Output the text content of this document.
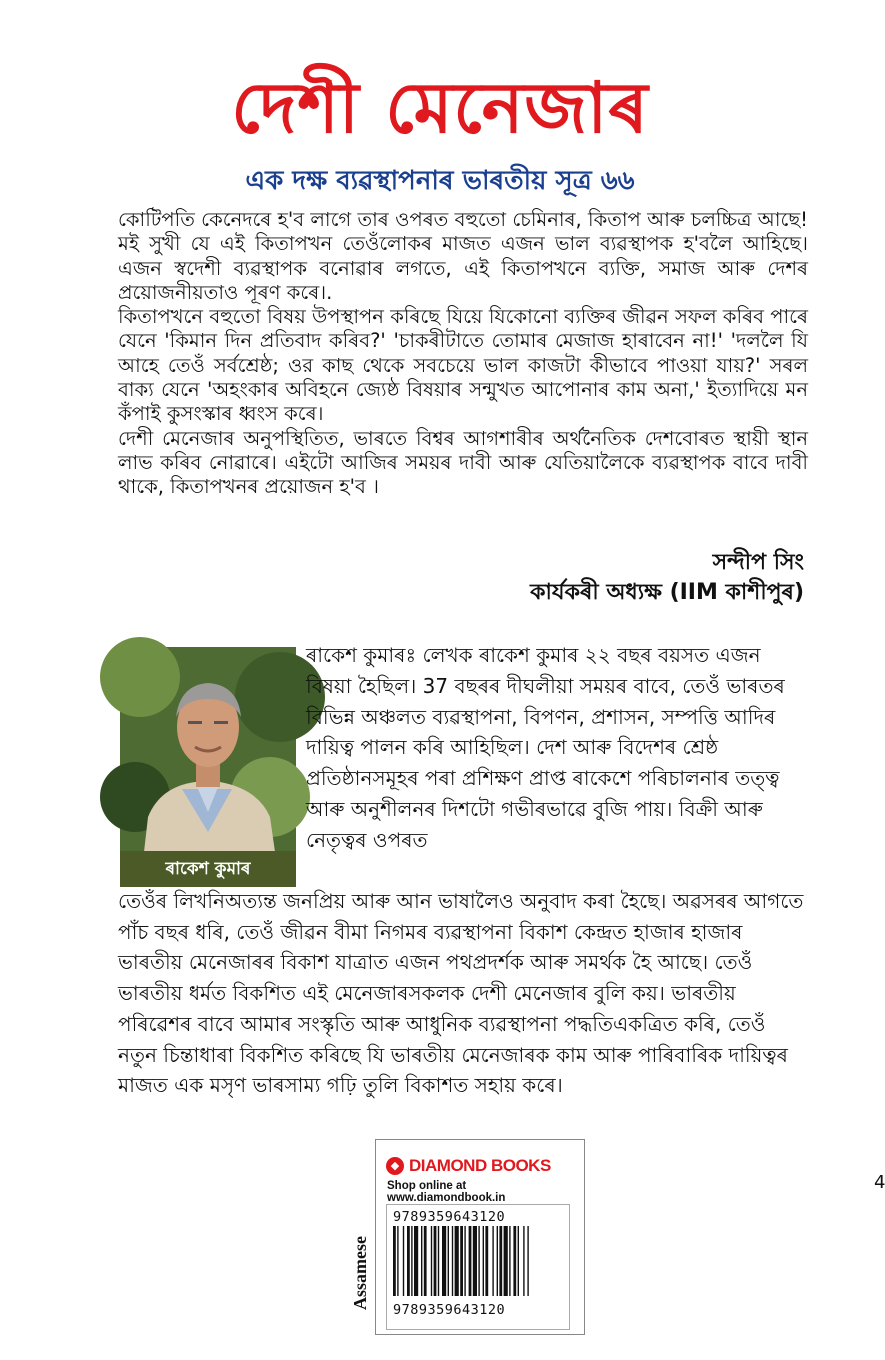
দেশী মেনেজাৰ
এক দক্ষ ব্যৱস্থাপনাৰ ভাৰতীয় সূত্ৰ ৬৬

কোটিপতি কেনেদৰে হ'ব লাগে তাৰ ওপৰত বহুতো চেমিনাৰ, কিতাপ আৰু চলচ্চিত্ৰ আছে! মই সুখী যে এই কিতাপখন তেওঁলোকৰ মাজত এজন ভাল ব্যৱস্থাপক হ'বলৈ আহিছে। এজন স্বদেশী ব্যৱস্থাপক বনোৱাৰ লগতে, এই কিতাপখনে ব্যক্তি, সমাজ আৰু দেশৰ প্ৰয়োজনীয়তাও পূৰণ কৰে।.

কিতাপখনে বহুতো বিষয় উপস্থাপন কৰিছে যিয়ে যিকোনো ব্যক্তিৰ জীৱন সফল কৰিব পাৰে যেনে 'কিমান দিন প্ৰতিবাদ কৰিব?' 'চাকৰীটাতে তোমাৰ মেজাজ হাৰাবেন না!' 'দললৈ যি আহে তেওঁ সৰ্বশ্ৰেষ্ঠ; ওর কাছ থেকে সবচেয়ে ভাল কাজটা কীভাবে পাওয়া যায়?' সৰল বাক্য যেনে 'অহংকাৰ অবিহনে জ্যেষ্ঠ বিষয়াৰ সন্মুখত আপোনাৰ কাম অনা,' ইত্যাদিয়ে মন কঁপাই কুসংস্কাৰ ধ্বংস কৰে।

দেশী মেনেজাৰ অনুপস্থিতিত, ভাৰতে বিশ্বৰ আগশাৰীৰ অৰ্থনৈতিক দেশবোৰত স্থায়ী স্থান লাভ কৰিব নোৱাৰে। এইটো আজিৰ সময়ৰ দাবী আৰু যেতিয়ালৈকে ব্যৱস্থাপক বাবে দাবী থাকে, কিতাপখনৰ প্ৰয়োজন হ'ব ।

সন্দীপ সিং
কাৰ্যকৰী অধ্যক্ষ (IIM কাশীপুৰ)
ৰাকেশ কুমাৰ
ৰাকেশ কুমাৰঃ লেখক ৰাকেশ কুমাৰ ২২ বছৰ বয়সত এজন বিষয়া হৈছিল। 37 বছৰৰ দীঘলীয়া সময়ৰ বাবে, তেওঁ ভাৰতৰ বিভিন্ন অঞ্চলত ব্যৱস্থাপনা, বিপণন, প্ৰশাসন, সম্পত্তি আদিৰ দায়িত্ব পালন কৰি আহিছিল। দেশ আৰু বিদেশৰ শ্ৰেষ্ঠ প্ৰতিষ্ঠানসমূহৰ পৰা প্ৰশিক্ষণ প্ৰাপ্ত ৰাকেশে পৰিচালনাৰ তত্ত্ব আৰু অনুশীলনৰ দিশটো গভীৰভাৱে বুজি পায়। বিক্ৰী আৰু নেতৃত্বৰ ওপৰত
তেওঁৰ লিখনিঅত্যন্ত জনপ্ৰিয় আৰু আন ভাষালৈও অনুবাদ কৰা হৈছে। অৱসৰৰ আগতে পাঁচ বছৰ ধৰি, তেওঁ জীৱন বীমা নিগমৰ ব্যৱস্থাপনা বিকাশ কেন্দ্ৰত হাজাৰ হাজাৰ ভাৰতীয় মেনেজাৰৰ বিকাশ যাত্ৰাত এজন পথপ্ৰদৰ্শক আৰু সমৰ্থক হৈ আছে। তেওঁ ভাৰতীয় ধৰ্মত বিকশিত এই মেনেজাৰসকলক দেশী মেনেজাৰ বুলি কয়। ভাৰতীয় পৰিৱেশৰ বাবে আমাৰ সংস্কৃতি আৰু আধুনিক ব্যৱস্থাপনা পদ্ধতিএকত্ৰিত কৰি, তেওঁ নতুন চিন্তাধাৰা বিকশিত কৰিছে যি ভাৰতীয় মেনেজাৰক কাম আৰু পাৰিবাৰিক দায়িত্বৰ মাজত এক মসৃণ ভাৰসাম্য গঢ়ি তুলি বিকাশত সহায় কৰে।
◆ DIAMOND BOOKS
Shop online at www.diamondbook.in
9789359643120
9789359643120
Assamese
4
